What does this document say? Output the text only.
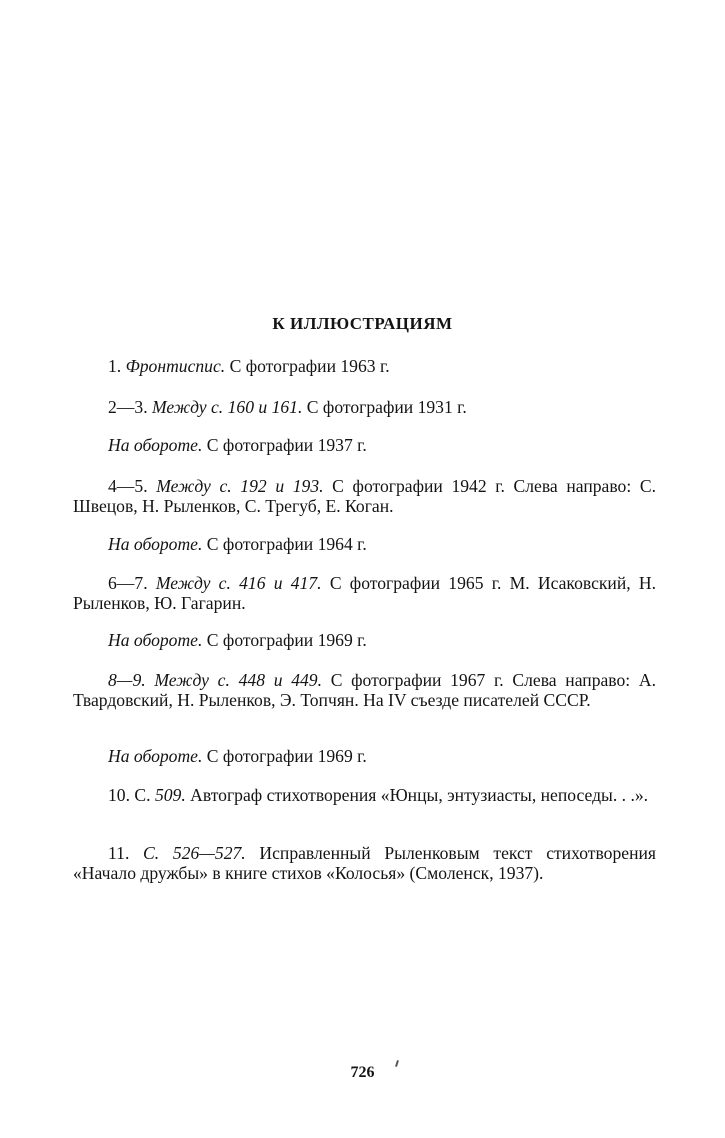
К ИЛЛЮСТРАЦИЯМ

1. Фронтиспис. С фотографии 1963 г.

2—3. Между с. 160 и 161. С фотографии 1931 г.

На обороте. С фотографии 1937 г.

4—5. Между с. 192 и 193. С фотографии 1942 г. Слева направо: С. Швецов, Н. Рыленков, С. Трегуб, Е. Коган.

На обороте. С фотографии 1964 г.

6—7. Между с. 416 и 417. С фотографии 1965 г. М. Исаковский, Н. Рыленков, Ю. Гагарин.

На обороте. С фотографии 1969 г.

8—9. Между с. 448 и 449. С фотографии 1967 г. Слева направо: А. Твардовский, Н. Рыленков, Э. Топчян. На IV съезде писателей СССР.

На обороте. С фотографии 1969 г.

10. С. 509. Автограф стихотворения «Юнцы, энтузиасты, непоседы. . .».

11. С. 526—527. Исправленный Рыленковым текст стихотворения «Начало дружбы» в книге стихов «Колосья» (Смоленск, 1937).

726
